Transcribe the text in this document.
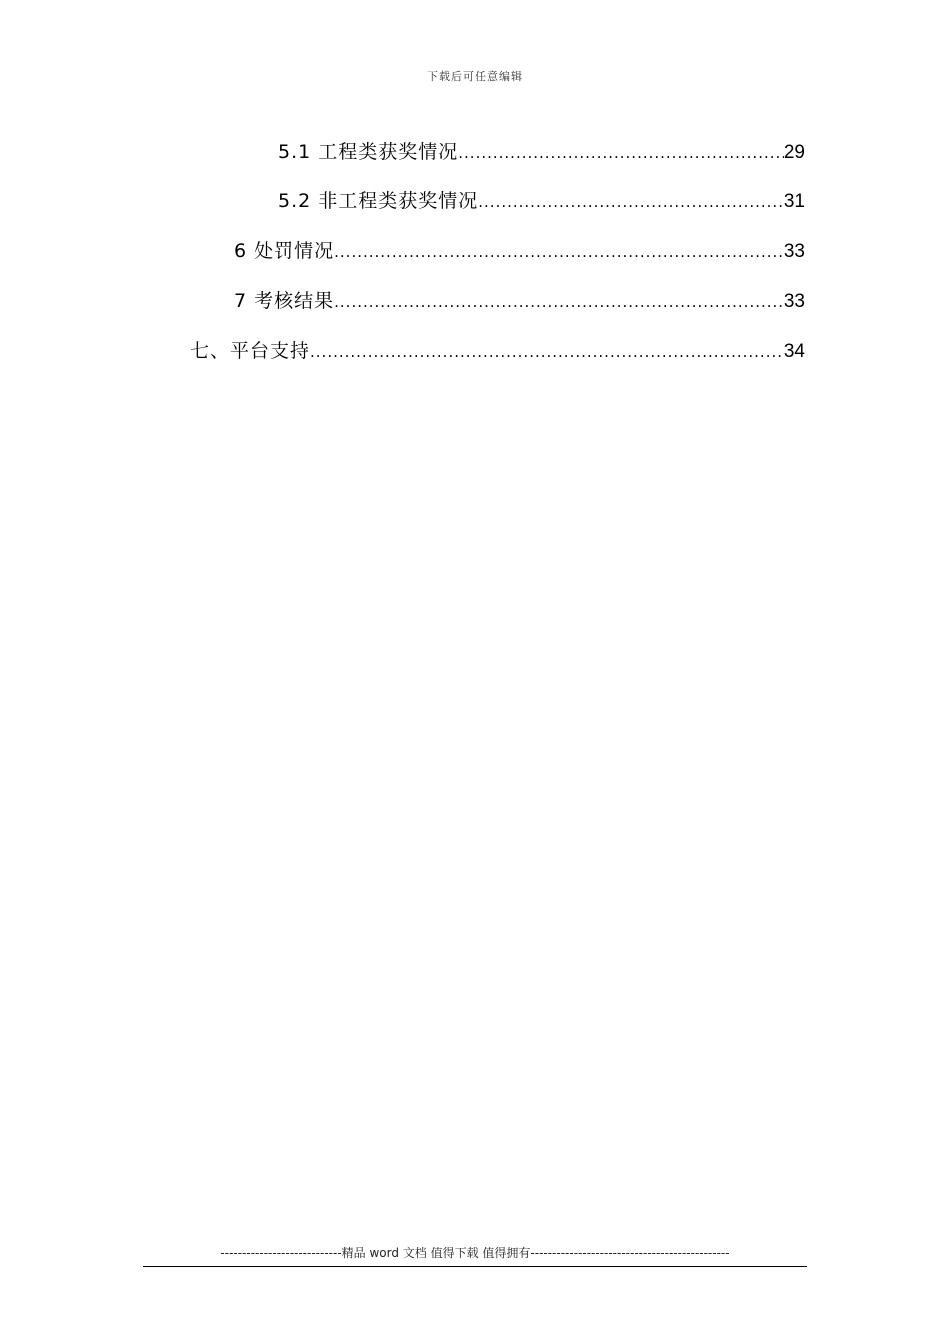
下载后可任意编辑
5.1 工程类获奖情况 .....	29
5.2 非工程类获奖情况 .....	31
6 处罚情况 .....	33
7 考核结果 .....	33
七、平台支持 .....	34
----------------------------精品 word 文档 值得下载 值得拥有----------------------------------------------
